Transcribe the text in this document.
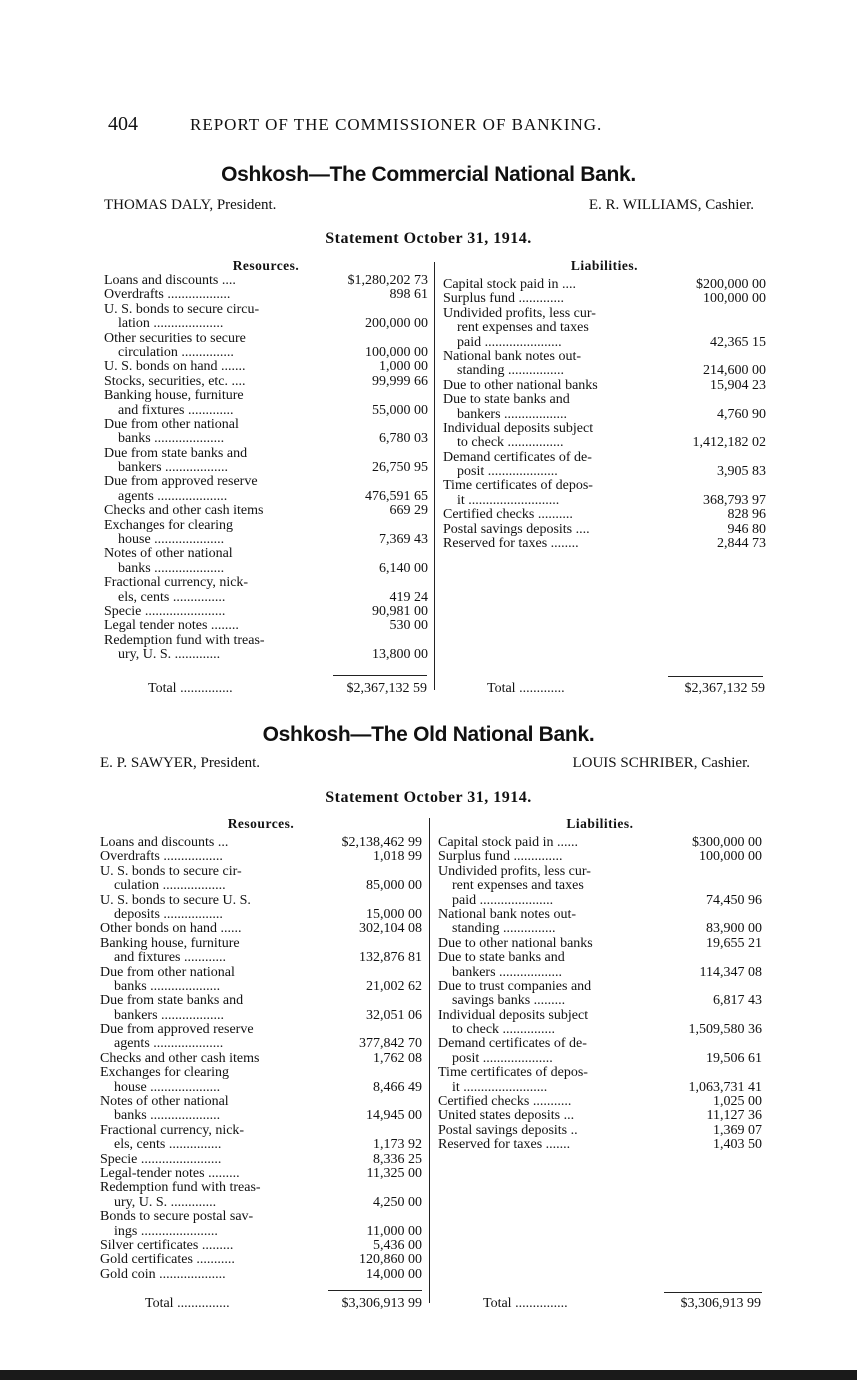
404	REPORT OF THE COMMISSIONER OF BANKING.
Oshkosh—The Commercial National Bank.
THOMAS DALY, President.	E. R. WILLIAMS, Cashier.
Statement October 31, 1914.
Resources.
Loans and discounts ....	$1,280,202 73
Overdrafts ..................	898 61
U. S. bonds to secure circu-
lation ....................	200,000 00
Other securities to secure
circulation ...............	100,000 00
U. S. bonds on hand .......	1,000 00
Stocks, securities, etc. ....	99,999 66
Banking house, furniture
and fixtures .............	55,000 00
Due from other national
banks ....................	6,780 03
Due from state banks and
bankers ..................	26,750 95
Due from approved reserve
agents ....................	476,591 65
Checks and other cash items	669 29
Exchanges for clearing
house ....................	7,369 43
Notes of other national
banks ....................	6,140 00
Fractional currency, nick-
els, cents ...............	419 24
Specie .......................	90,981 00
Legal tender notes ........	530 00
Redemption fund with treas-
ury, U. S. .............	13,800 00
Liabilities.
Capital stock paid in ....	$200,000 00
Surplus fund .............	100,000 00
Undivided profits, less cur-
rent expenses and taxes
paid ......................	42,365 15
National bank notes out-
standing ................	214,600 00
Due to other national banks	15,904 23
Due to state banks and
bankers ..................	4,760 90
Individual deposits subject
to check ................	1,412,182 02
Demand certificates of de-
posit ....................	3,905 83
Time certificates of depos-
it ..........................	368,793 97
Certified checks ..........	828 96
Postal savings deposits ....	946 80
Reserved for taxes ........	2,844 73
Total ...............	$2,367,132 59	Total .............	$2,367,132 59
Oshkosh—The Old National Bank.
E. P. SAWYER, President.	LOUIS SCHRIBER, Cashier.
Statement October 31, 1914.
Resources.
Loans and discounts ...	$2,138,462 99
Overdrafts .................	1,018 99
U. S. bonds to secure cir-
culation ..................	85,000 00
U. S. bonds to secure U. S.
deposits .................	15,000 00
Other bonds on hand ......	302,104 08
Banking house, furniture
and fixtures ............	132,876 81
Due from other national
banks ....................	21,002 62
Due from state banks and
bankers ..................	32,051 06
Due from approved reserve
agents ....................	377,842 70
Checks and other cash items	1,762 08
Exchanges for clearing
house ....................	8,466 49
Notes of other national
banks ....................	14,945 00
Fractional currency, nick-
els, cents ...............	1,173 92
Specie .......................	8,336 25
Legal-tender notes .........	11,325 00
Redemption fund with treas-
ury, U. S. .............	4,250 00
Bonds to secure postal sav-
ings ......................	11,000 00
Silver certificates .........	5,436 00
Gold certificates ...........	120,860 00
Gold coin ...................	14,000 00
Liabilities.
Capital stock paid in ......	$300,000 00
Surplus fund ..............	100,000 00
Undivided profits, less cur-
rent expenses and taxes
paid .....................	74,450 96
National bank notes out-
standing ...............	83,900 00
Due to other national banks	19,655 21
Due to state banks and
bankers ..................	114,347 08
Due to trust companies and
savings banks .........	6,817 43
Individual deposits subject
to check ...............	1,509,580 36
Demand certificates of de-
posit ....................	19,506 61
Time certificates of depos-
it ........................	1,063,731 41
Certified checks ...........	1,025 00
United states deposits ...	11,127 36
Postal savings deposits ..	1,369 07
Reserved for taxes .......	1,403 50
Total ...............	$3,306,913 99	Total ...............	$3,306,913 99
